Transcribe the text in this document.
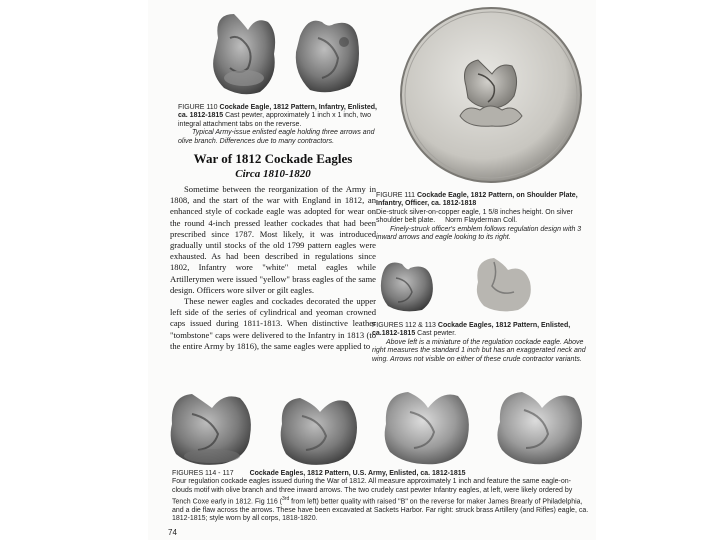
FIGURE 110 Cockade Eagle, 1812 Pattern, Infantry, Enlisted, ca. 1812-1815 Cast pewter, approximately 1 inch x 1 inch, two integral attachment tabs on the reverse.
Typical Army-issue enlisted eagle holding three arrows and olive branch. Differences due to many contractors.
War of 1812 Cockade Eagles
Circa 1810-1820

Sometime between the reorganization of the Army in 1808, and the start of the war with England in 1812, an enhanced style of cockade eagle was adopted for wear on the round 4-inch pressed leather cockades that had been prescribed since 1787. Most likely, it was introduced gradually until stocks of the old 1799 pattern eagles were exhausted. As had been described in regulations since 1802, Infantry wore "white" metal eagles while Artillerymen were issued "yellow" brass eagles of the same design. Officers wore silver or gilt eagles.

These newer eagles and cockades decorated the upper left side of the series of cylindrical and yeoman crowned caps issued during 1811-1813. When distinctive leather "tombstone" caps were delivered to the Infantry in 1813 (to the entire Army by 1816), the same eagles were applied to

FIGURE 111 Cockade Eagle, 1812 Pattern, on Shoulder Plate, Infantry, Officer, ca. 1812-1818
Die-struck silver-on-copper eagle, 1 5/8 inches height. On silver shoulder belt plate. Norm Flayderman Coll.
Finely-struck officer's emblem follows regulation design with 3 inward arrows and eagle looking to its right.
FIGURES 112 & 113 Cockade Eagles, 1812 Pattern, Enlisted, ca.1812-1815 Cast pewter.
Above left is a miniature of the regulation cockade eagle. Above right measures the standard 1 inch but has an exaggerated neck and wing. Arrows not visible on either of these crude contractor variants.
FIGURES 114 - 117 Cockade Eagles, 1812 Pattern, U.S. Army, Enlisted, ca. 1812-1815
Four regulation cockade eagles issued during the War of 1812. All measure approximately 1 inch and feature the same eagle-on-clouds motif with olive branch and three inward arrows. The two crudely cast pewter Infantry eagles, at left, were likely ordered by Tench Coxe early in 1812. Fig 116 ($^{3rd}$ from left) better quality with raised "B" on the reverse for maker James Brearly of Philadelphia, and a die flaw across the arrows. These have been excavated at Sackets Harbor. Far right: struck brass Artillery (and Rifles) eagle, ca. 1812-1815; style worn by all corps, 1818-1820.
74
